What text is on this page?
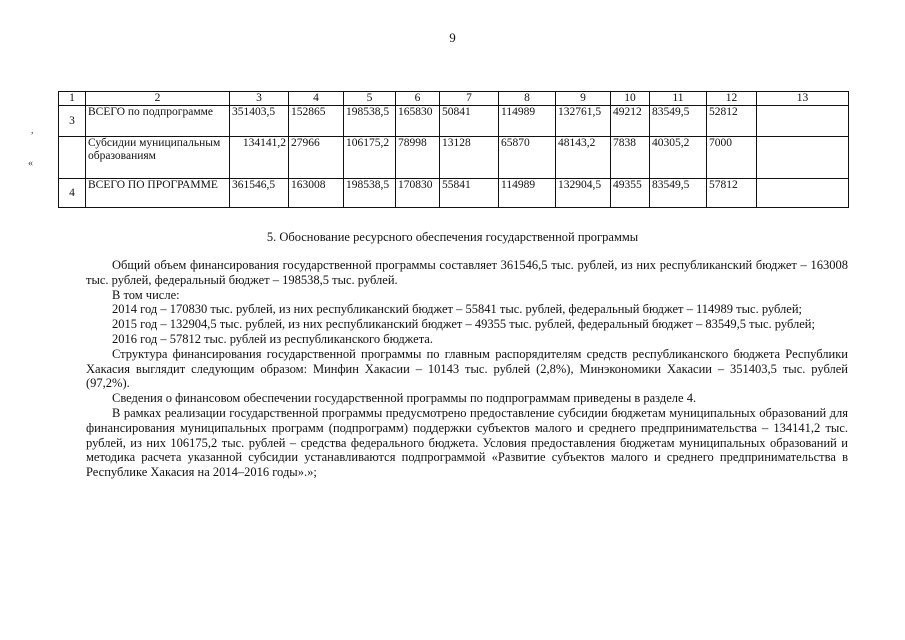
9
,
«
1	2	3	4	5	6	7	8	9	10	11	12	13
3	ВСЕГО по подпрограмме	351403,5	152865	198538,5	165830	50841	114989	132761,5	49212	83549,5	52812	
	Субсидии муниципальным образованиям	134141,2	27966	106175,2	78998	13128	65870	48143,2	7838	40305,2	7000	
4	ВСЕГО ПО ПРОГРАММЕ	361546,5	163008	198538,5	170830	55841	114989	132904,5	49355	83549,5	57812	
5. Обоснование ресурсного обеспечения государственной программы

Общий объем финансирования государственной программы составляет 361546,5 тыс. рублей, из них республиканский бюджет – 163008 тыс. рублей, федеральный бюджет – 198538,5 тыс. рублей.

В том числе:

2014 год – 170830 тыс. рублей, из них республиканский бюджет – 55841 тыс. рублей, федеральный бюджет – 114989 тыс. рублей;

2015 год – 132904,5 тыс. рублей, из них республиканский бюджет – 49355 тыс. рублей, федеральный бюджет – 83549,5 тыс. рублей;

2016 год – 57812 тыс. рублей из республиканского бюджета.

Структура финансирования государственной программы по главным распорядителям средств республиканского бюджета Республики Хакасия выглядит следующим образом: Минфин Хакасии – 10143 тыс. рублей (2,8%), Минэкономики Хакасии – 351403,5 тыс. рублей (97,2%).

Сведения о финансовом обеспечении государственной программы по подпрограммам приведены в разделе 4.

В рамках реализации государственной программы предусмотрено предоставление субсидии бюджетам муниципальных образований для финансирования муниципальных программ (подпрограмм) поддержки субъектов малого и среднего предпринимательства – 134141,2 тыс. рублей, из них 106175,2 тыс. рублей – средства федерального бюджета. Условия предоставления бюджетам муниципальных образований и методика расчета указанной субсидии устанавливаются подпрограммой «Развитие субъектов малого и среднего предпринимательства в Республике Хакасия на 2014–2016 годы».»;
